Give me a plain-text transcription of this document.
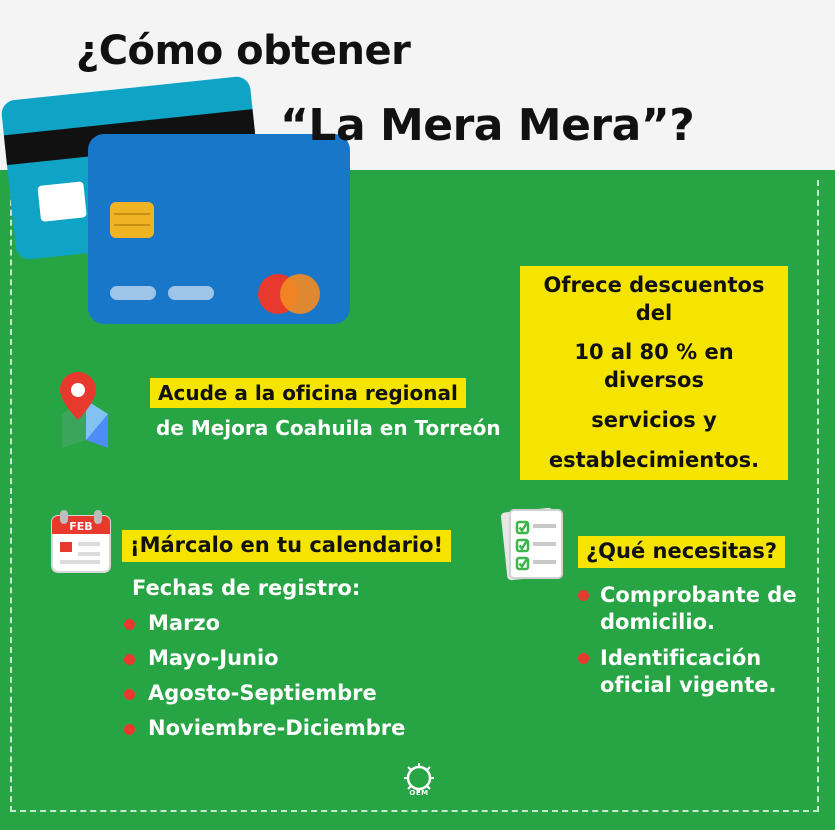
¿Cómo obtener
“La Mera Mera”?
Ofrece descuentos del
10 al 80 % en diversos
servicios y
establecimientos.
Acude a la oficina regional
de Mejora Coahuila en Torreón
FEB
¡Márcalo en tu calendario!
Fechas de registro:
Marzo
Mayo-Junio
Agosto-Septiembre
Noviembre-Diciembre
¿Qué necesitas?
Comprobante de domicilio.
Identificación oficial vigente.
OEM
